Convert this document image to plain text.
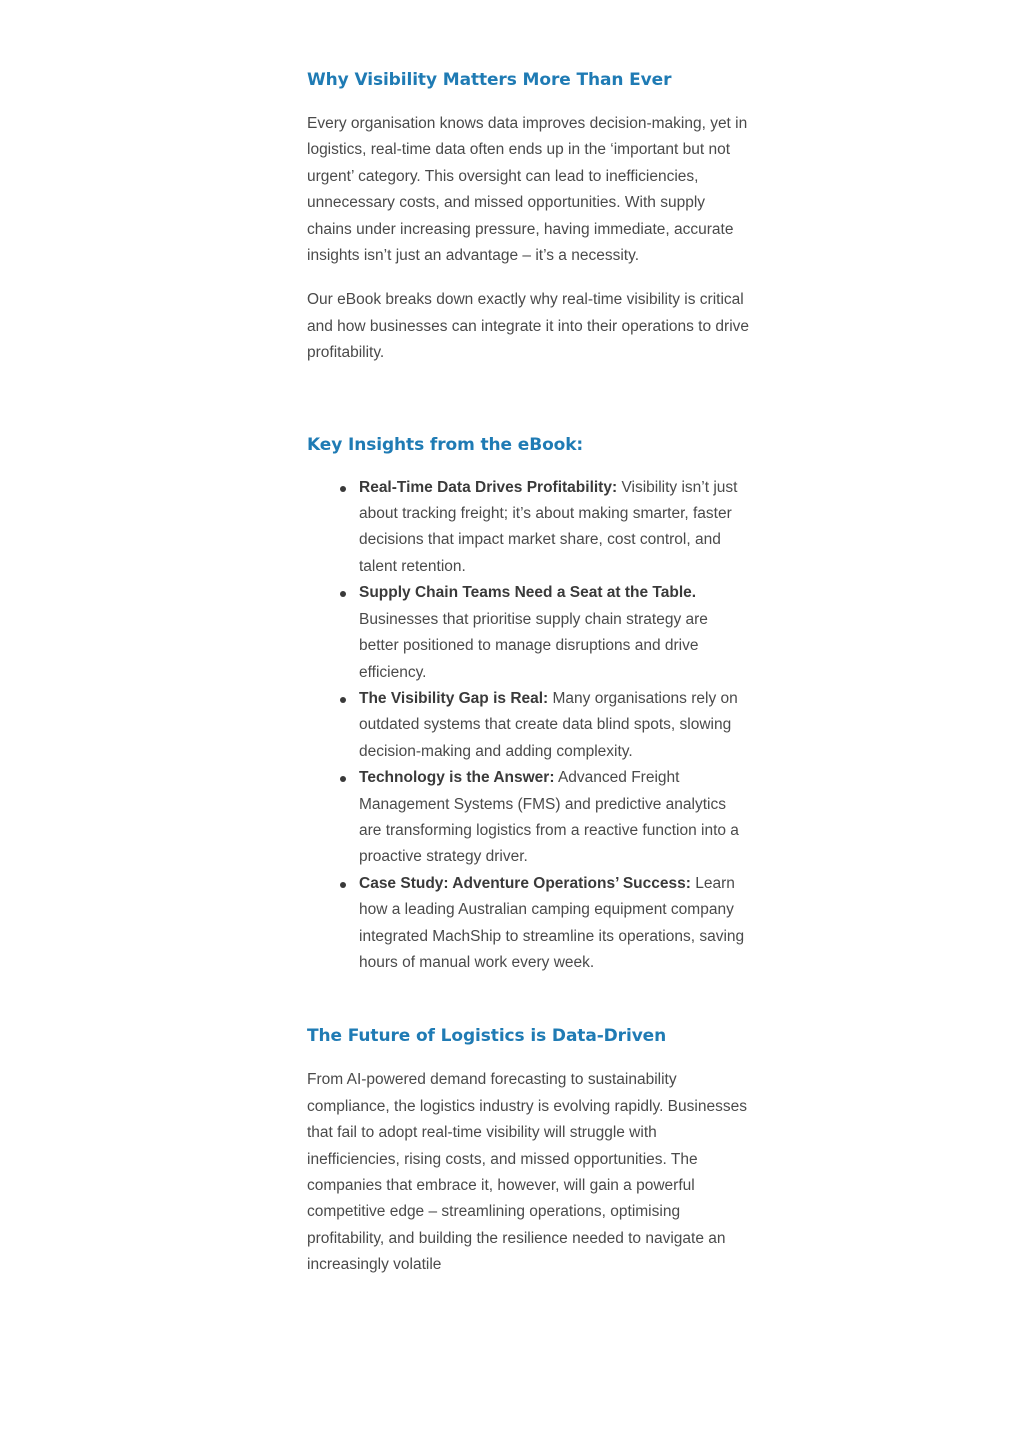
Why Visibility Matters More Than Ever

Every organisation knows data improves decision-making, yet in logistics, real-time data often ends up in the ‘important but not urgent’ category. This oversight can lead to inefficiencies, unnecessary costs, and missed opportunities. With supply chains under increasing pressure, having immediate, accurate insights isn’t just an advantage – it’s a necessity.

Our eBook breaks down exactly why real-time visibility is critical and how businesses can integrate it into their operations to drive profitability.

Key Insights from the eBook:
Real-Time Data Drives Profitability: Visibility isn’t just about tracking freight; it’s about making smarter, faster decisions that impact market share, cost control, and talent retention.
Supply Chain Teams Need a Seat at the Table. Businesses that prioritise supply chain strategy are better positioned to manage disruptions and drive efficiency.
The Visibility Gap is Real: Many organisations rely on outdated systems that create data blind spots, slowing decision-making and adding complexity.
Technology is the Answer: Advanced Freight Management Systems (FMS) and predictive analytics are transforming logistics from a reactive function into a proactive strategy driver.
Case Study: Adventure Operations’ Success: Learn how a leading Australian camping equipment company integrated MachShip to streamline its operations, saving hours of manual work every week.
The Future of Logistics is Data-Driven

From AI-powered demand forecasting to sustainability compliance, the logistics industry is evolving rapidly. Businesses that fail to adopt real-time visibility will struggle with inefficiencies, rising costs, and missed opportunities. The companies that embrace it, however, will gain a powerful competitive edge – streamlining operations, optimising profitability, and building the resilience needed to navigate an increasingly volatile
